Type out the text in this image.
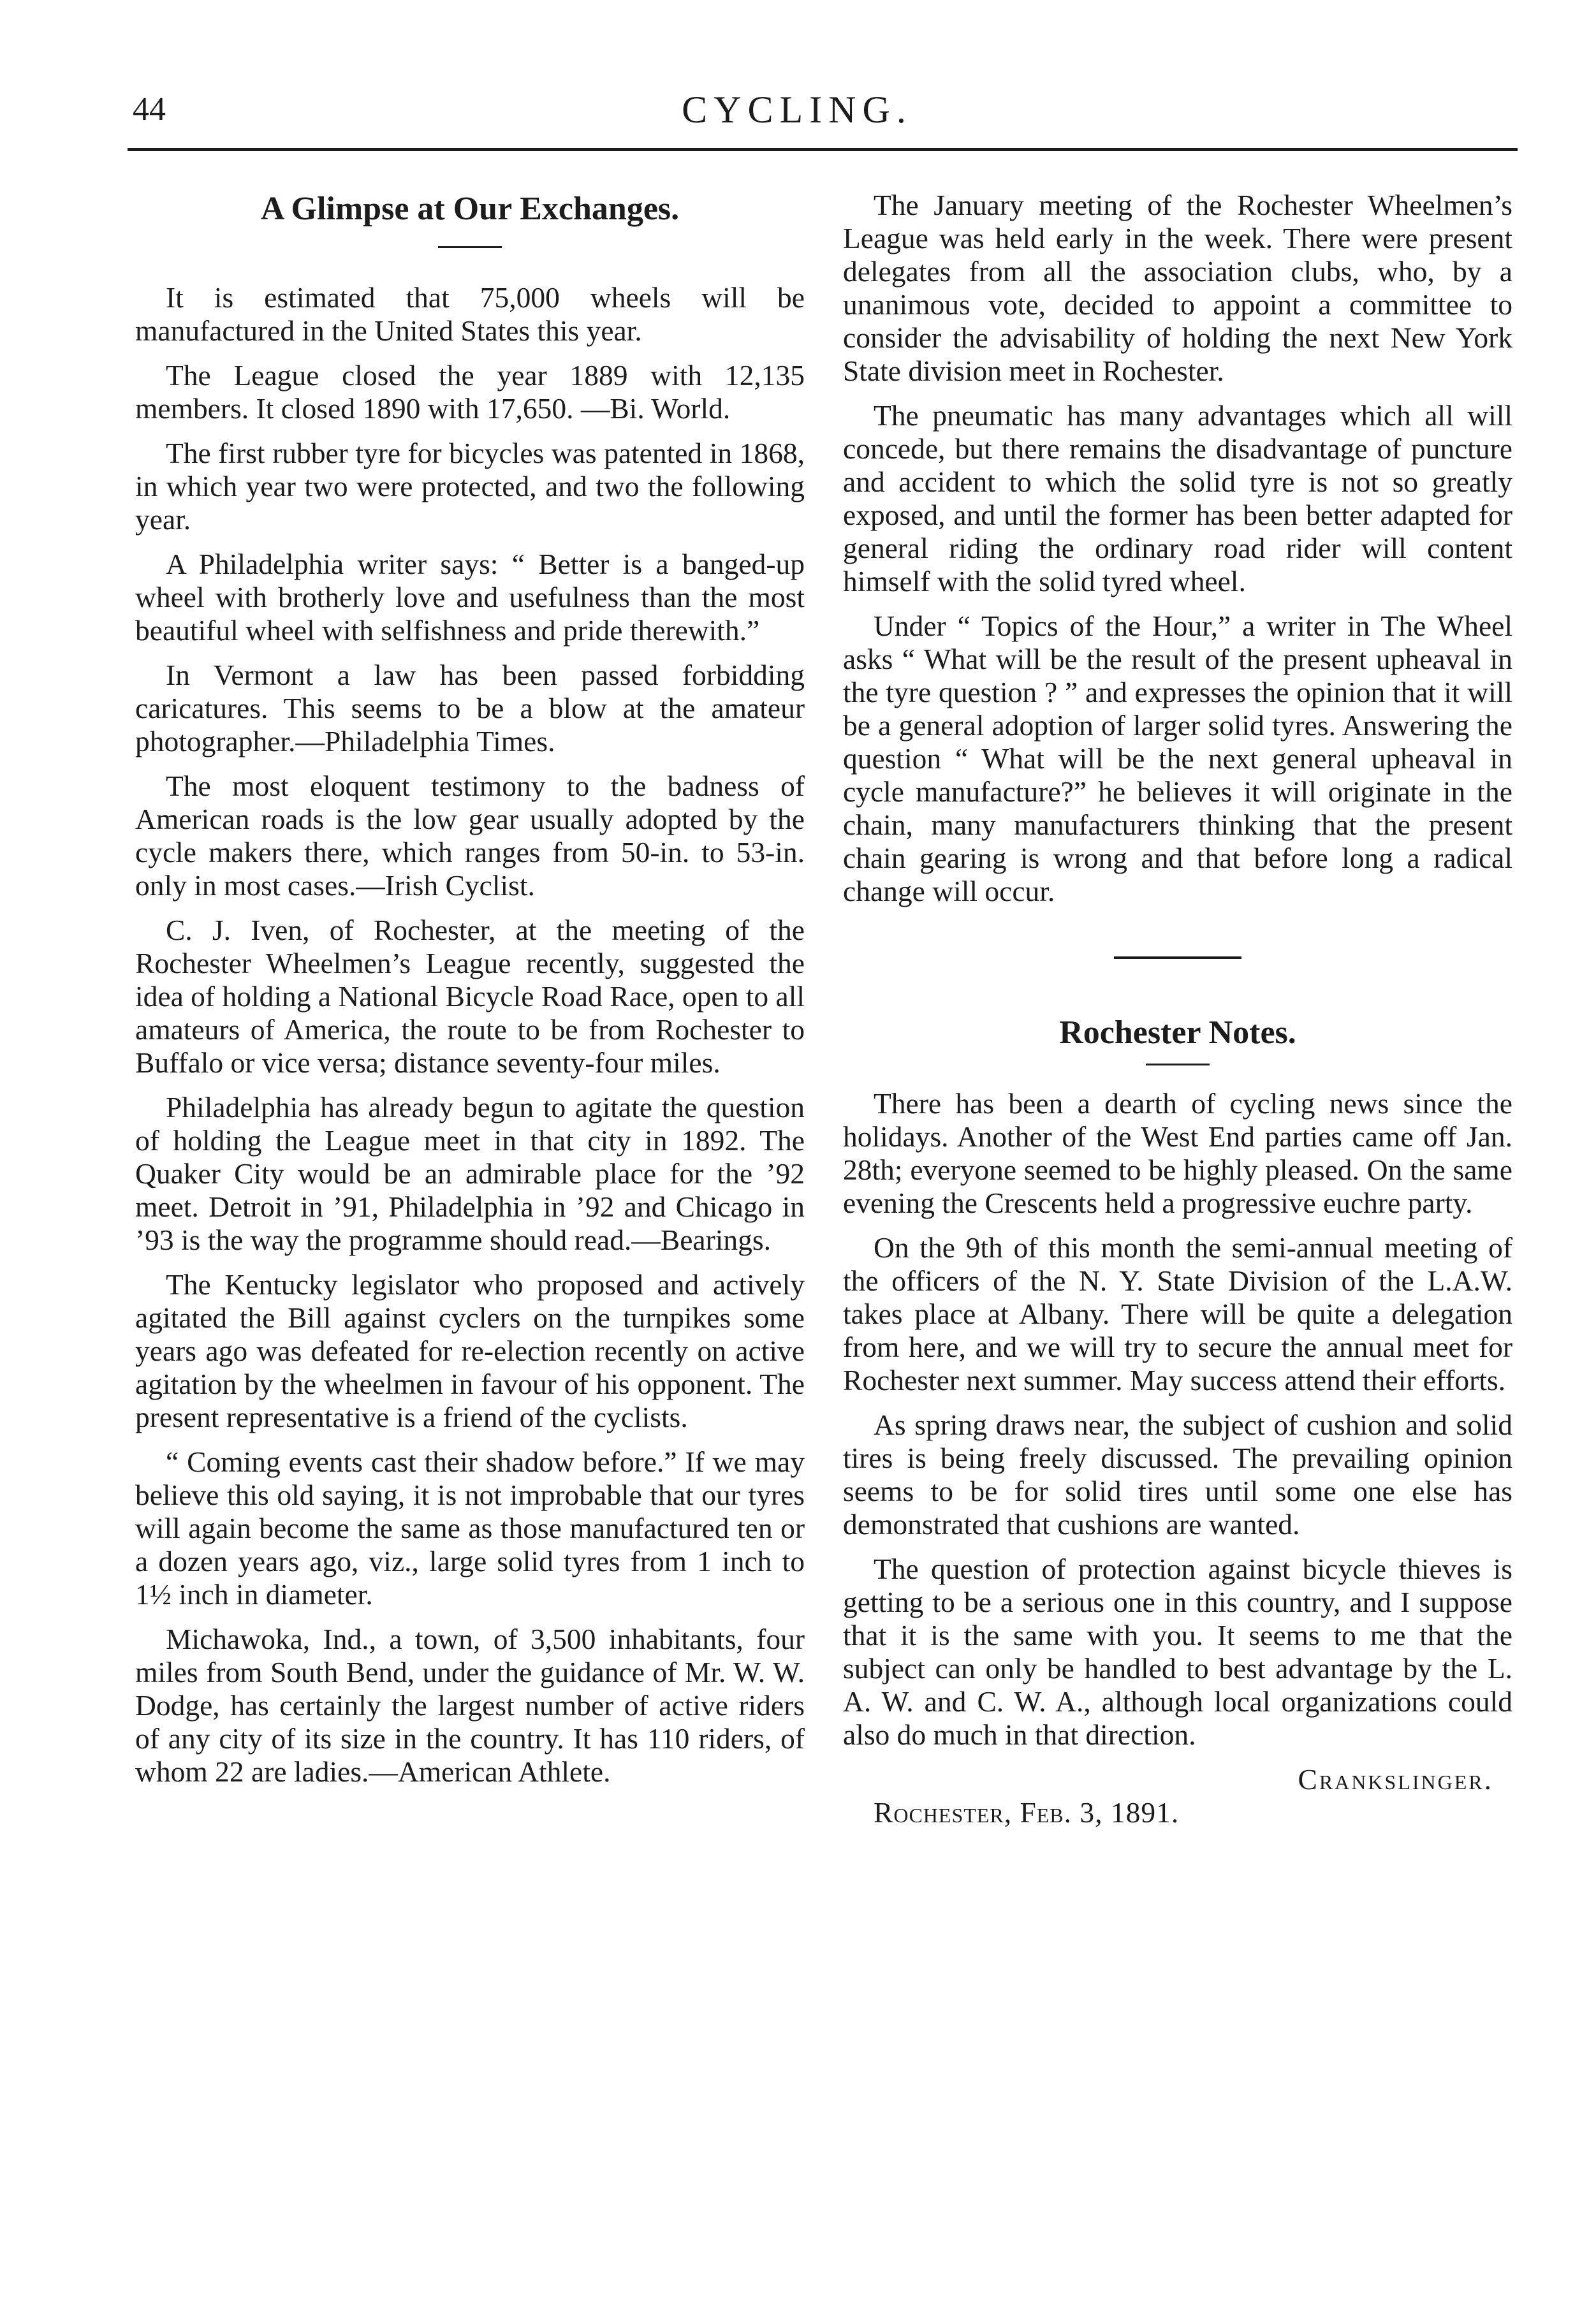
44	CYCLING.
A Glimpse at Our Exchanges.

It is estimated that 75,000 wheels will be manufactured in the United States this year.

The League closed the year 1889 with 12,135 members. It closed 1890 with 17,650. —Bi. World.

The first rubber tyre for bicycles was patented in 1868, in which year two were protected, and two the following year.

A Philadelphia writer says: “ Better is a banged-up wheel with brotherly love and usefulness than the most beautiful wheel with selfishness and pride therewith.”

In Vermont a law has been passed forbidding caricatures. This seems to be a blow at the amateur photographer.—Philadelphia Times.

The most eloquent testimony to the badness of American roads is the low gear usually adopted by the cycle makers there, which ranges from 50-in. to 53-in. only in most cases.—Irish Cyclist.

C. J. Iven, of Rochester, at the meeting of the Rochester Wheelmen’s League recently, suggested the idea of holding a National Bicycle Road Race, open to all amateurs of America, the route to be from Rochester to Buffalo or vice versa; distance seventy-four miles.

Philadelphia has already begun to agitate the question of holding the League meet in that city in 1892. The Quaker City would be an admirable place for the ’92 meet. Detroit in ’91, Philadelphia in ’92 and Chicago in ’93 is the way the programme should read.—Bearings.

The Kentucky legislator who proposed and actively agitated the Bill against cyclers on the turnpikes some years ago was defeated for re-election recently on active agitation by the wheelmen in favour of his opponent. The present representative is a friend of the cyclists.

“ Coming events cast their shadow before.” If we may believe this old saying, it is not improbable that our tyres will again become the same as those manufactured ten or a dozen years ago, viz., large solid tyres from 1 inch to 1½ inch in diameter.

Michawoka, Ind., a town, of 3,500 inhabitants, four miles from South Bend, under the guidance of Mr. W. W. Dodge, has certainly the largest number of active riders of any city of its size in the country. It has 110 riders, of whom 22 are ladies.—American Athlete.

The January meeting of the Rochester Wheelmen’s League was held early in the week. There were present delegates from all the association clubs, who, by a unanimous vote, decided to appoint a committee to consider the advisability of holding the next New York State division meet in Rochester.

The pneumatic has many advantages which all will concede, but there remains the disadvantage of puncture and accident to which the solid tyre is not so greatly exposed, and until the former has been better adapted for general riding the ordinary road rider will content himself with the solid tyred wheel.

Under “ Topics of the Hour,” a writer in The Wheel asks “ What will be the result of the present upheaval in the tyre question ? ” and expresses the opinion that it will be a general adoption of larger solid tyres. Answering the question “ What will be the next general upheaval in cycle manufacture?” he believes it will originate in the chain, many manufacturers thinking that the present chain gearing is wrong and that before long a radical change will occur.

Rochester Notes.

There has been a dearth of cycling news since the holidays. Another of the West End parties came off Jan. 28th; everyone seemed to be highly pleased. On the same evening the Crescents held a progressive euchre party.

On the 9th of this month the semi-annual meeting of the officers of the N. Y. State Division of the L.A.W. takes place at Albany. There will be quite a delegation from here, and we will try to secure the annual meet for Rochester next summer. May success attend their efforts.

As spring draws near, the subject of cushion and solid tires is being freely discussed. The prevailing opinion seems to be for solid tires until some one else has demonstrated that cushions are wanted.

The question of protection against bicycle thieves is getting to be a serious one in this country, and I suppose that it is the same with you. It seems to me that the subject can only be handled to best advantage by the L. A. W. and C. W. A., although local organizations could also do much in that direction.

Crankslinger.

Rochester, Feb. 3, 1891.
